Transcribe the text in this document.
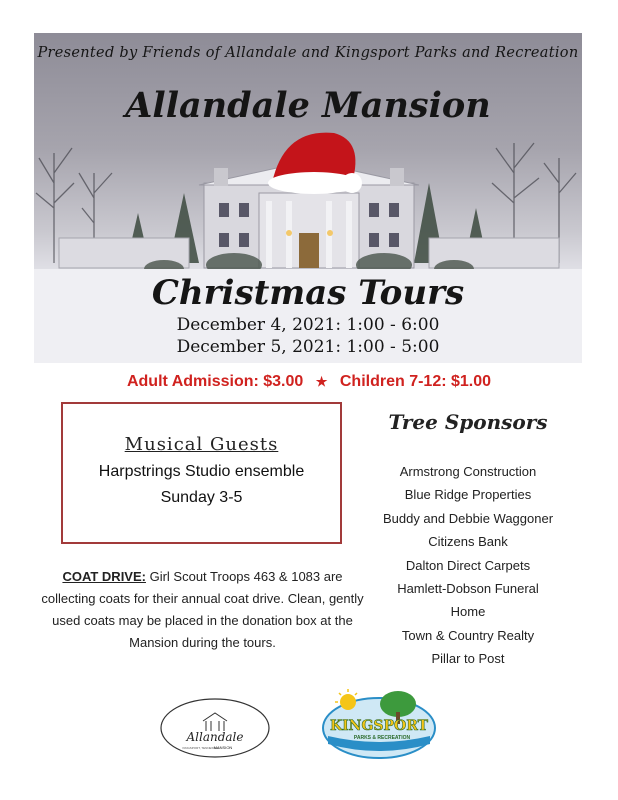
Presented by Friends of Allandale and Kingsport Parks and Recreation
Allandale Mansion
Christmas Tours
December 4, 2021: 1:00 - 6:00
December 5, 2021: 1:00 - 5:00
Adult Admission: $3.00 ★ Children 7-12: $1.00
Musical Guests
Harpstrings Studio ensemble
Sunday 3-5
COAT DRIVE: Girl Scout Troops 463 & 1083 are collecting coats for their annual coat drive. Clean, gently used coats may be placed in the donation box at the Mansion during the tours.
Tree Sponsors
Armstrong Construction
Blue Ridge Properties
Buddy and Debbie Waggoner
Citizens Bank
Dalton Direct Carpets
Hamlett-Dobson Funeral
Home
Town & Country Realty
Pillar to Post
Allandale
MANSION
KINGSPORT, TENNESSEE
KINGSPORT
PARKS & RECREATION
